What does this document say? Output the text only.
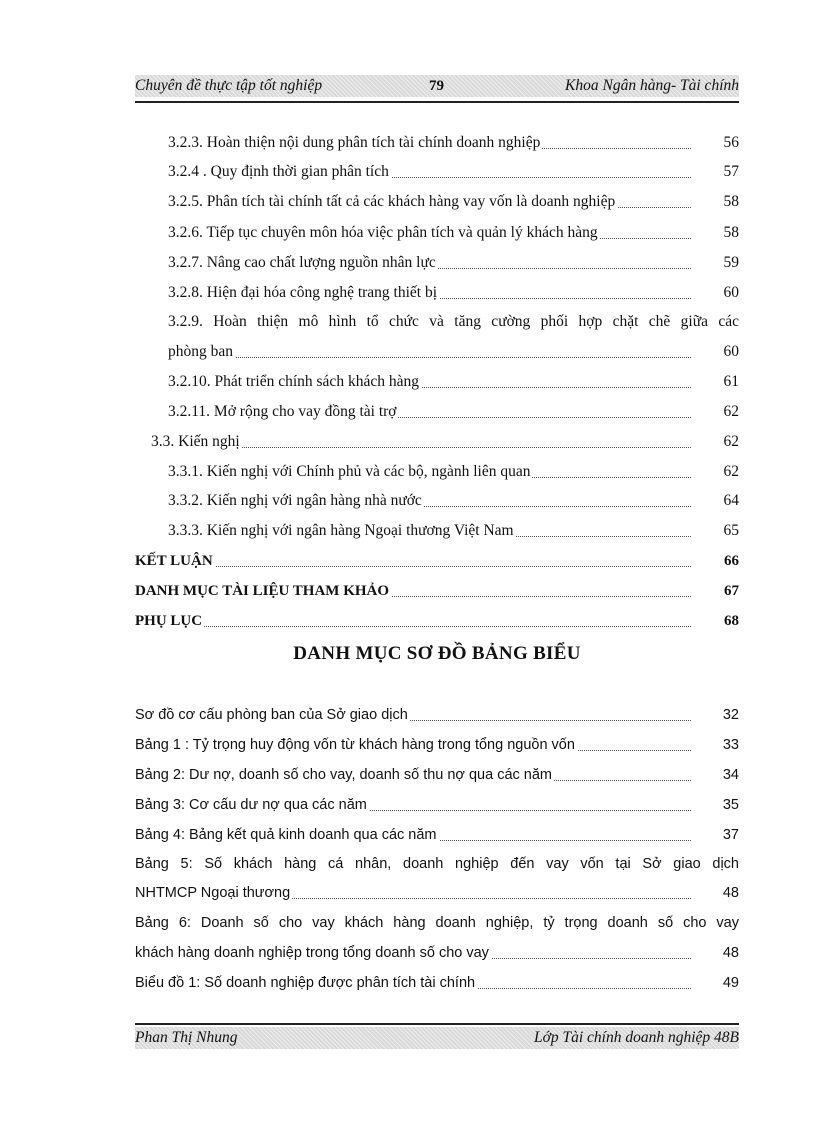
Chuyên đề thực tập tốt nghiệp	79	Khoa Ngân hàng- Tài chính
3.2.3. Hoàn thiện nội dung phân tích tài chính doanh nghiệp	56
3.2.4 . Quy định thời gian phân tích	57
3.2.5. Phân tích tài chính tất cả các khách hàng vay vốn là doanh nghiệp	58
3.2.6. Tiếp tục chuyên môn hóa việc phân tích và quản lý khách hàng	58
3.2.7. Nâng cao chất lượng nguồn nhân lực	59
3.2.8. Hiện đại hóa công nghệ trang thiết bị	60
3.2.9. Hoàn thiện mô hình tổ chức và tăng cường phối hợp chặt chẽ giữa các
phòng ban	60
3.2.10. Phát triển chính sách khách hàng	61
3.2.11. Mở rộng cho vay đồng tài trợ	62
3.3. Kiến nghị	62
3.3.1. Kiến nghị với Chính phủ và các bộ, ngành liên quan	62
3.3.2. Kiến nghị với ngân hàng nhà nước	64
3.3.3. Kiến nghị với ngân hàng Ngoại thương Việt Nam	65
KẾT LUẬN	66
DANH MỤC TÀI LIỆU THAM KHẢO	67
PHỤ LỤC	68
DANH MỤC SƠ ĐỒ BẢNG BIỂU
Sơ đồ cơ cấu phòng ban của Sở giao dịch	32
Bảng 1 : Tỷ trọng huy động vốn từ khách hàng trong tổng nguồn vốn	33
Bảng 2: Dư nợ, doanh số cho vay, doanh số thu nợ qua các năm	34
Bảng 3: Cơ cấu dư nợ qua các năm	35
Bảng 4: Bảng kết quả kinh doanh qua các năm	37
Bảng 5: Số khách hàng cá nhân, doanh nghiệp đến vay vốn tại Sở giao dịch
NHTMCP Ngoại thương	48
Bảng 6: Doanh số cho vay khách hàng doanh nghiệp, tỷ trọng doanh số cho vay
khách hàng doanh nghiệp trong tổng doanh số cho vay	48
Biểu đồ 1: Số doanh nghiệp được phân tích tài chính	49
Phan Thị Nhung	Lớp Tài chính doanh nghiệp 48B
